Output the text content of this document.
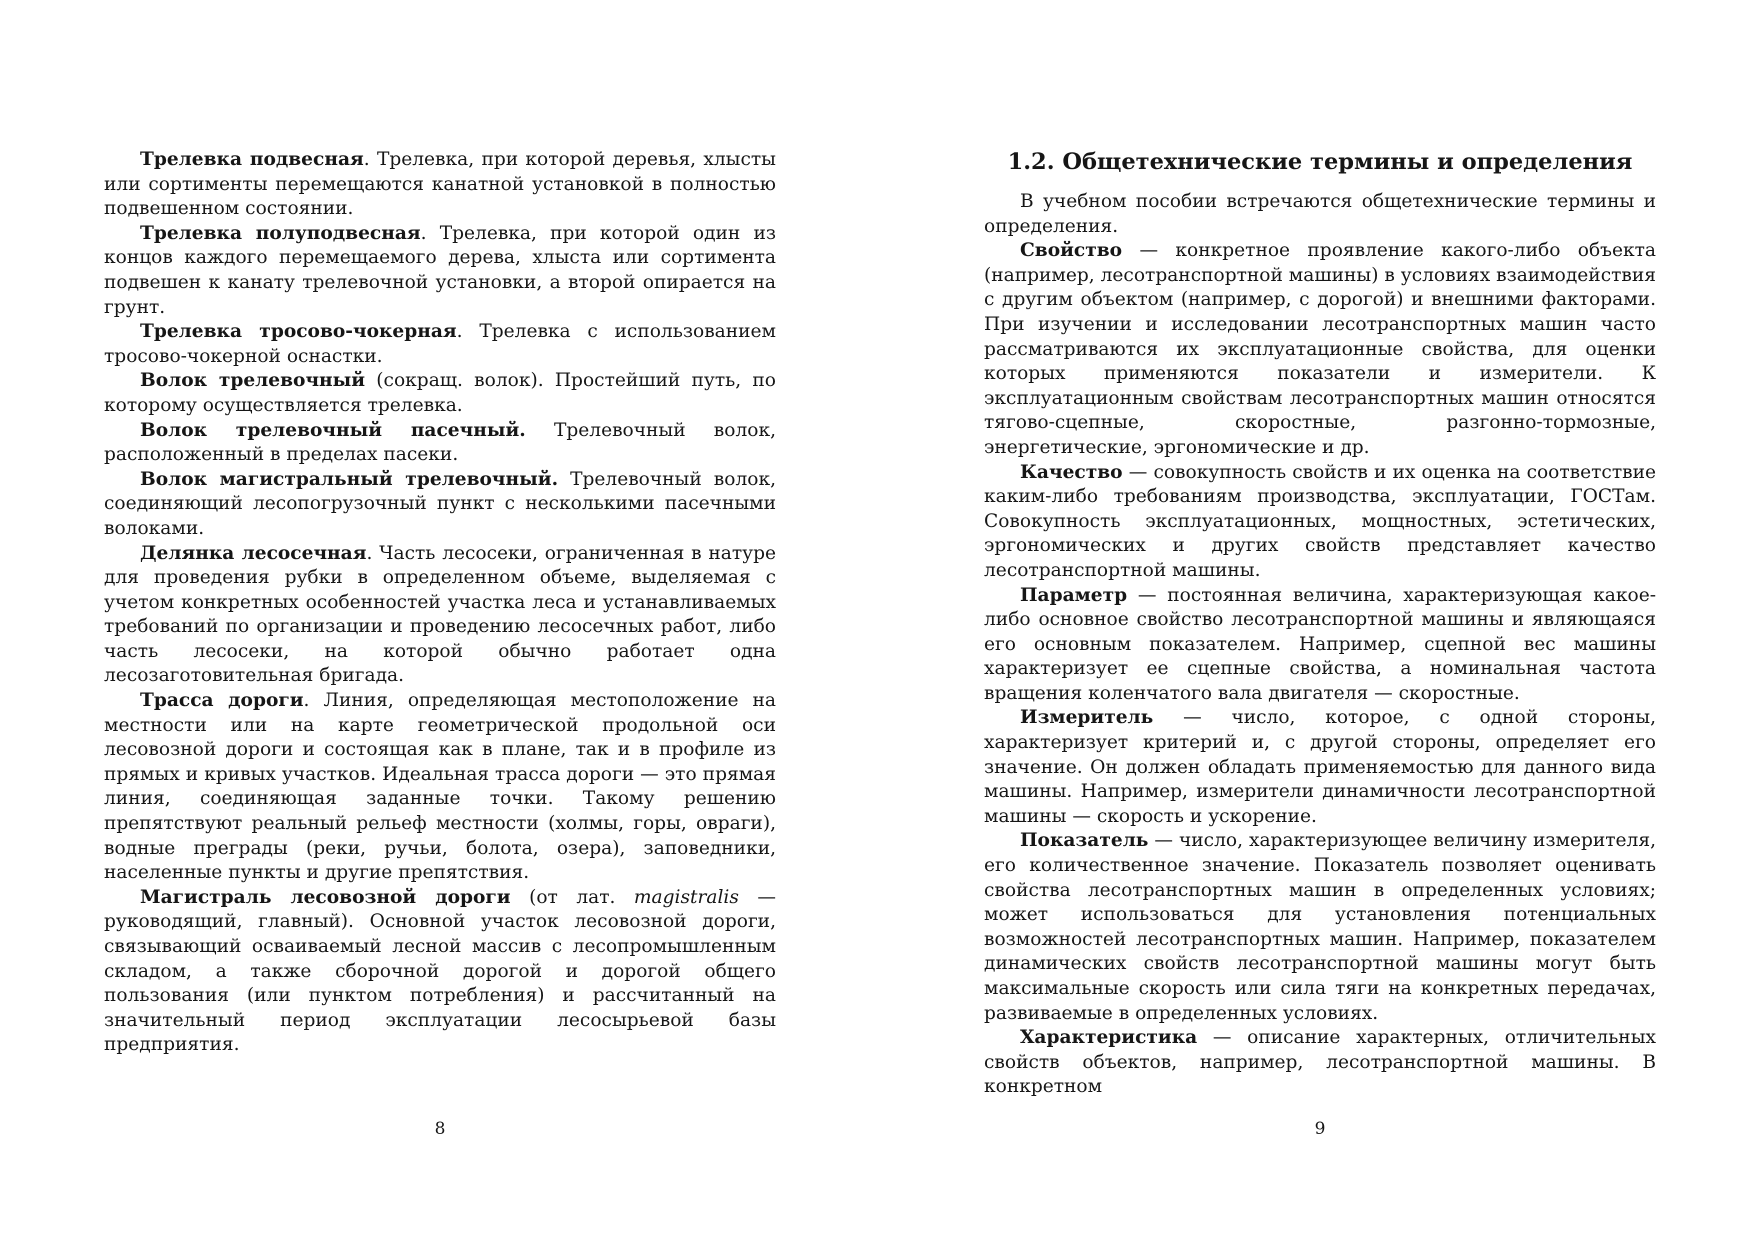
Трелевка подвесная. Трелевка, при которой деревья, хлысты или сортименты перемещаются канатной установкой в полностью подвешенном состоянии.

Трелевка полуподвесная. Трелевка, при которой один из концов каждого перемещаемого дерева, хлыста или сортимента подвешен к канату трелевочной установки, а второй опирается на грунт.

Трелевка тросово-чокерная. Трелевка с использованием тросово-чокерной оснастки.

Волок трелевочный (сокращ. волок). Простейший путь, по которому осуществляется трелевка.

Волок трелевочный пасечный. Трелевочный волок, расположенный в пределах пасеки.

Волок магистральный трелевочный. Трелевочный волок, соединяющий лесопогрузочный пункт с несколькими пасечными волоками.

Делянка лесосечная. Часть лесосеки, ограниченная в натуре для проведения рубки в определенном объеме, выделяемая с учетом конкретных особенностей участка леса и устанавливаемых требований по организации и проведению лесосечных работ, либо часть лесосеки, на которой обычно работает одна лесозаготовительная бригада.

Трасса дороги. Линия, определяющая местоположение на местности или на карте геометрической продольной оси лесовозной дороги и состоящая как в плане, так и в профиле из прямых и кривых участков. Идеальная трасса дороги — это прямая линия, соединяющая заданные точки. Такому решению препятствуют реальный рельеф местности (холмы, горы, овраги), водные преграды (реки, ручьи, болота, озера), заповедники, населенные пункты и другие препятствия.

Магистраль лесовозной дороги (от лат. magistralis — руководящий, главный). Основной участок лесовозной дороги, связывающий осваиваемый лесной массив с лесопромышленным складом, а также сборочной дорогой и дорогой общего пользования (или пунктом потребления) и рассчитанный на значительный период эксплуатации лесосырьевой базы предприятия.

8
1.2. Общетехнические термины и определения

В учебном пособии встречаются общетехнические термины и определения.

Свойство — конкретное проявление какого-либо объекта (например, лесотранспортной машины) в условиях взаимодействия с другим объектом (например, с дорогой) и внешними факторами. При изучении и исследовании лесотранспортных машин часто рассматриваются их эксплуатационные свойства, для оценки которых применяются показатели и измерители. К эксплуатационным свойствам лесотранспортных машин относятся тягово-сцепные, скоростные, разгонно-тормозные, энергетические, эргономические и др.

Качество — совокупность свойств и их оценка на соответствие каким-либо требованиям производства, эксплуатации, ГОСТам. Совокупность эксплуатационных, мощностных, эстетических, эргономических и других свойств представляет качество лесотранспортной машины.

Параметр — постоянная величина, характеризующая какое-либо основное свойство лесотранспортной машины и являющаяся его основным показателем. Например, сцепной вес машины характеризует ее сцепные свойства, а номинальная частота вращения коленчатого вала двигателя — скоростные.

Измеритель — число, которое, с одной стороны, характеризует критерий и, с другой стороны, определяет его значение. Он должен обладать применяемостью для данного вида машины. Например, измерители динамичности лесотранспортной машины — скорость и ускорение.

Показатель — число, характеризующее величину измерителя, его количественное значение. Показатель позволяет оценивать свойства лесотранспортных машин в определенных условиях; может использоваться для установления потенциальных возможностей лесотранспортных машин. Например, показателем динамических свойств лесотранспортной машины могут быть максимальные скорость или сила тяги на конкретных передачах, развиваемые в определенных условиях.

Характеристика — описание характерных, отличительных свойств объектов, например, лесотранспортной машины. В конкретном

9
